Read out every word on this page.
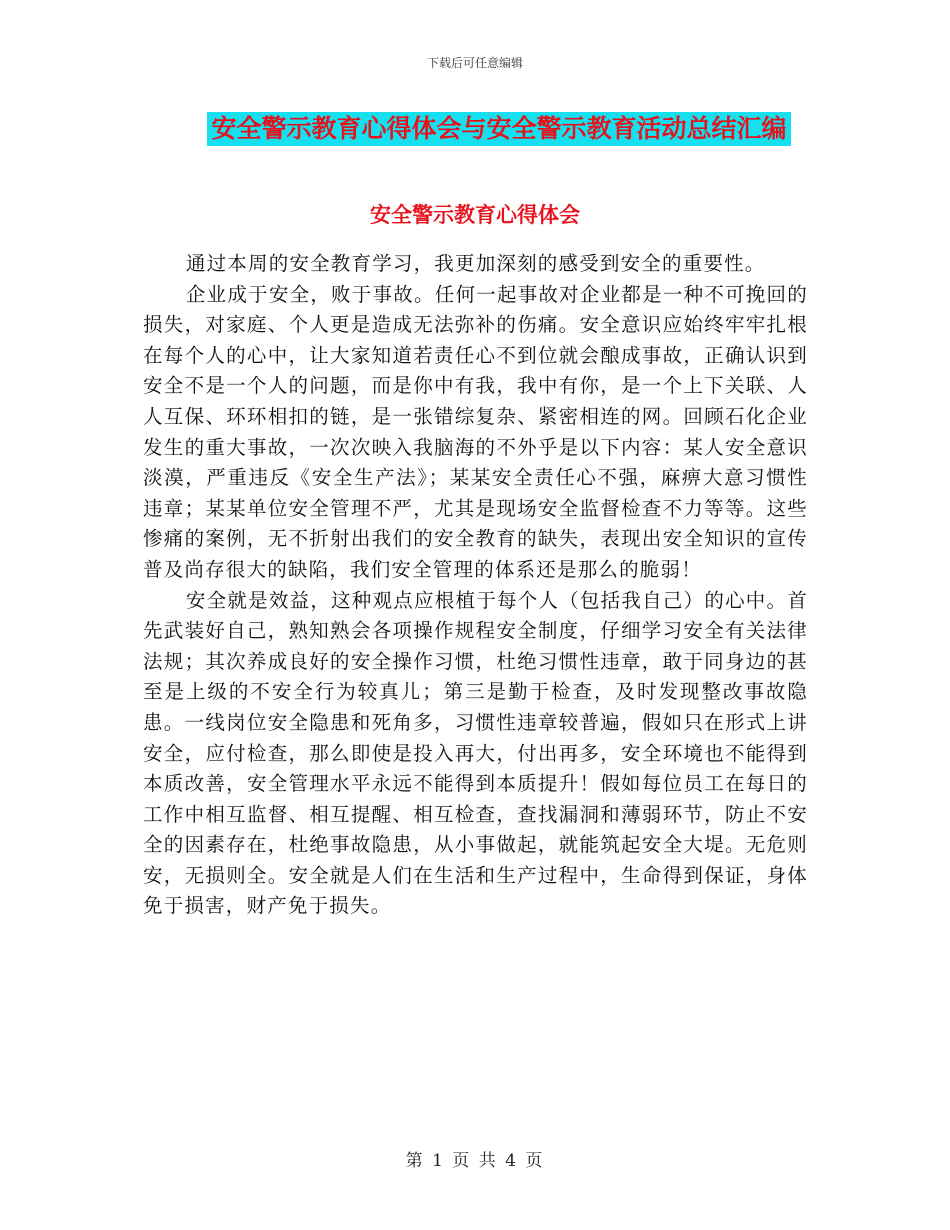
下载后可任意编辑
安全警示教育心得体会与安全警示教育活动总结汇编
安全警示教育心得体会

通过本周的安全教育学习，我更加深刻的感受到安全的重要性。

企业成于安全，败于事故。任何一起事故对企业都是一种不可挽回的损失，对家庭、个人更是造成无法弥补的伤痛。安全意识应始终牢牢扎根在每个人的心中，让大家知道若责任心不到位就会酿成事故，正确认识到安全不是一个人的问题，而是你中有我，我中有你，是一个上下关联、人人互保、环环相扣的链，是一张错综复杂、紧密相连的网。回顾石化企业发生的重大事故，一次次映入我脑海的不外乎是以下内容：某人安全意识淡漠，严重违反《安全生产法》；某某安全责任心不强，麻痹大意习惯性违章；某某单位安全管理不严，尤其是现场安全监督检查不力等等。这些惨痛的案例，无不折射出我们的安全教育的缺失，表现出安全知识的宣传普及尚存很大的缺陷，我们安全管理的体系还是那么的脆弱！

安全就是效益，这种观点应根植于每个人（包括我自己）的心中。首先武装好自己，熟知熟会各项操作规程安全制度，仔细学习安全有关法律法规；其次养成良好的安全操作习惯，杜绝习惯性违章，敢于同身边的甚至是上级的不安全行为较真儿；第三是勤于检查，及时发现整改事故隐患。一线岗位安全隐患和死角多，习惯性违章较普遍，假如只在形式上讲安全，应付检查，那么即使是投入再大，付出再多，安全环境也不能得到本质改善，安全管理水平永远不能得到本质提升！假如每位员工在每日的工作中相互监督、相互提醒、相互检查，查找漏洞和薄弱环节，防止不安全的因素存在，杜绝事故隐患，从小事做起，就能筑起安全大堤。无危则安，无损则全。安全就是人们在生活和生产过程中，生命得到保证，身体免于损害，财产免于损失。

第 1 页 共 4 页
